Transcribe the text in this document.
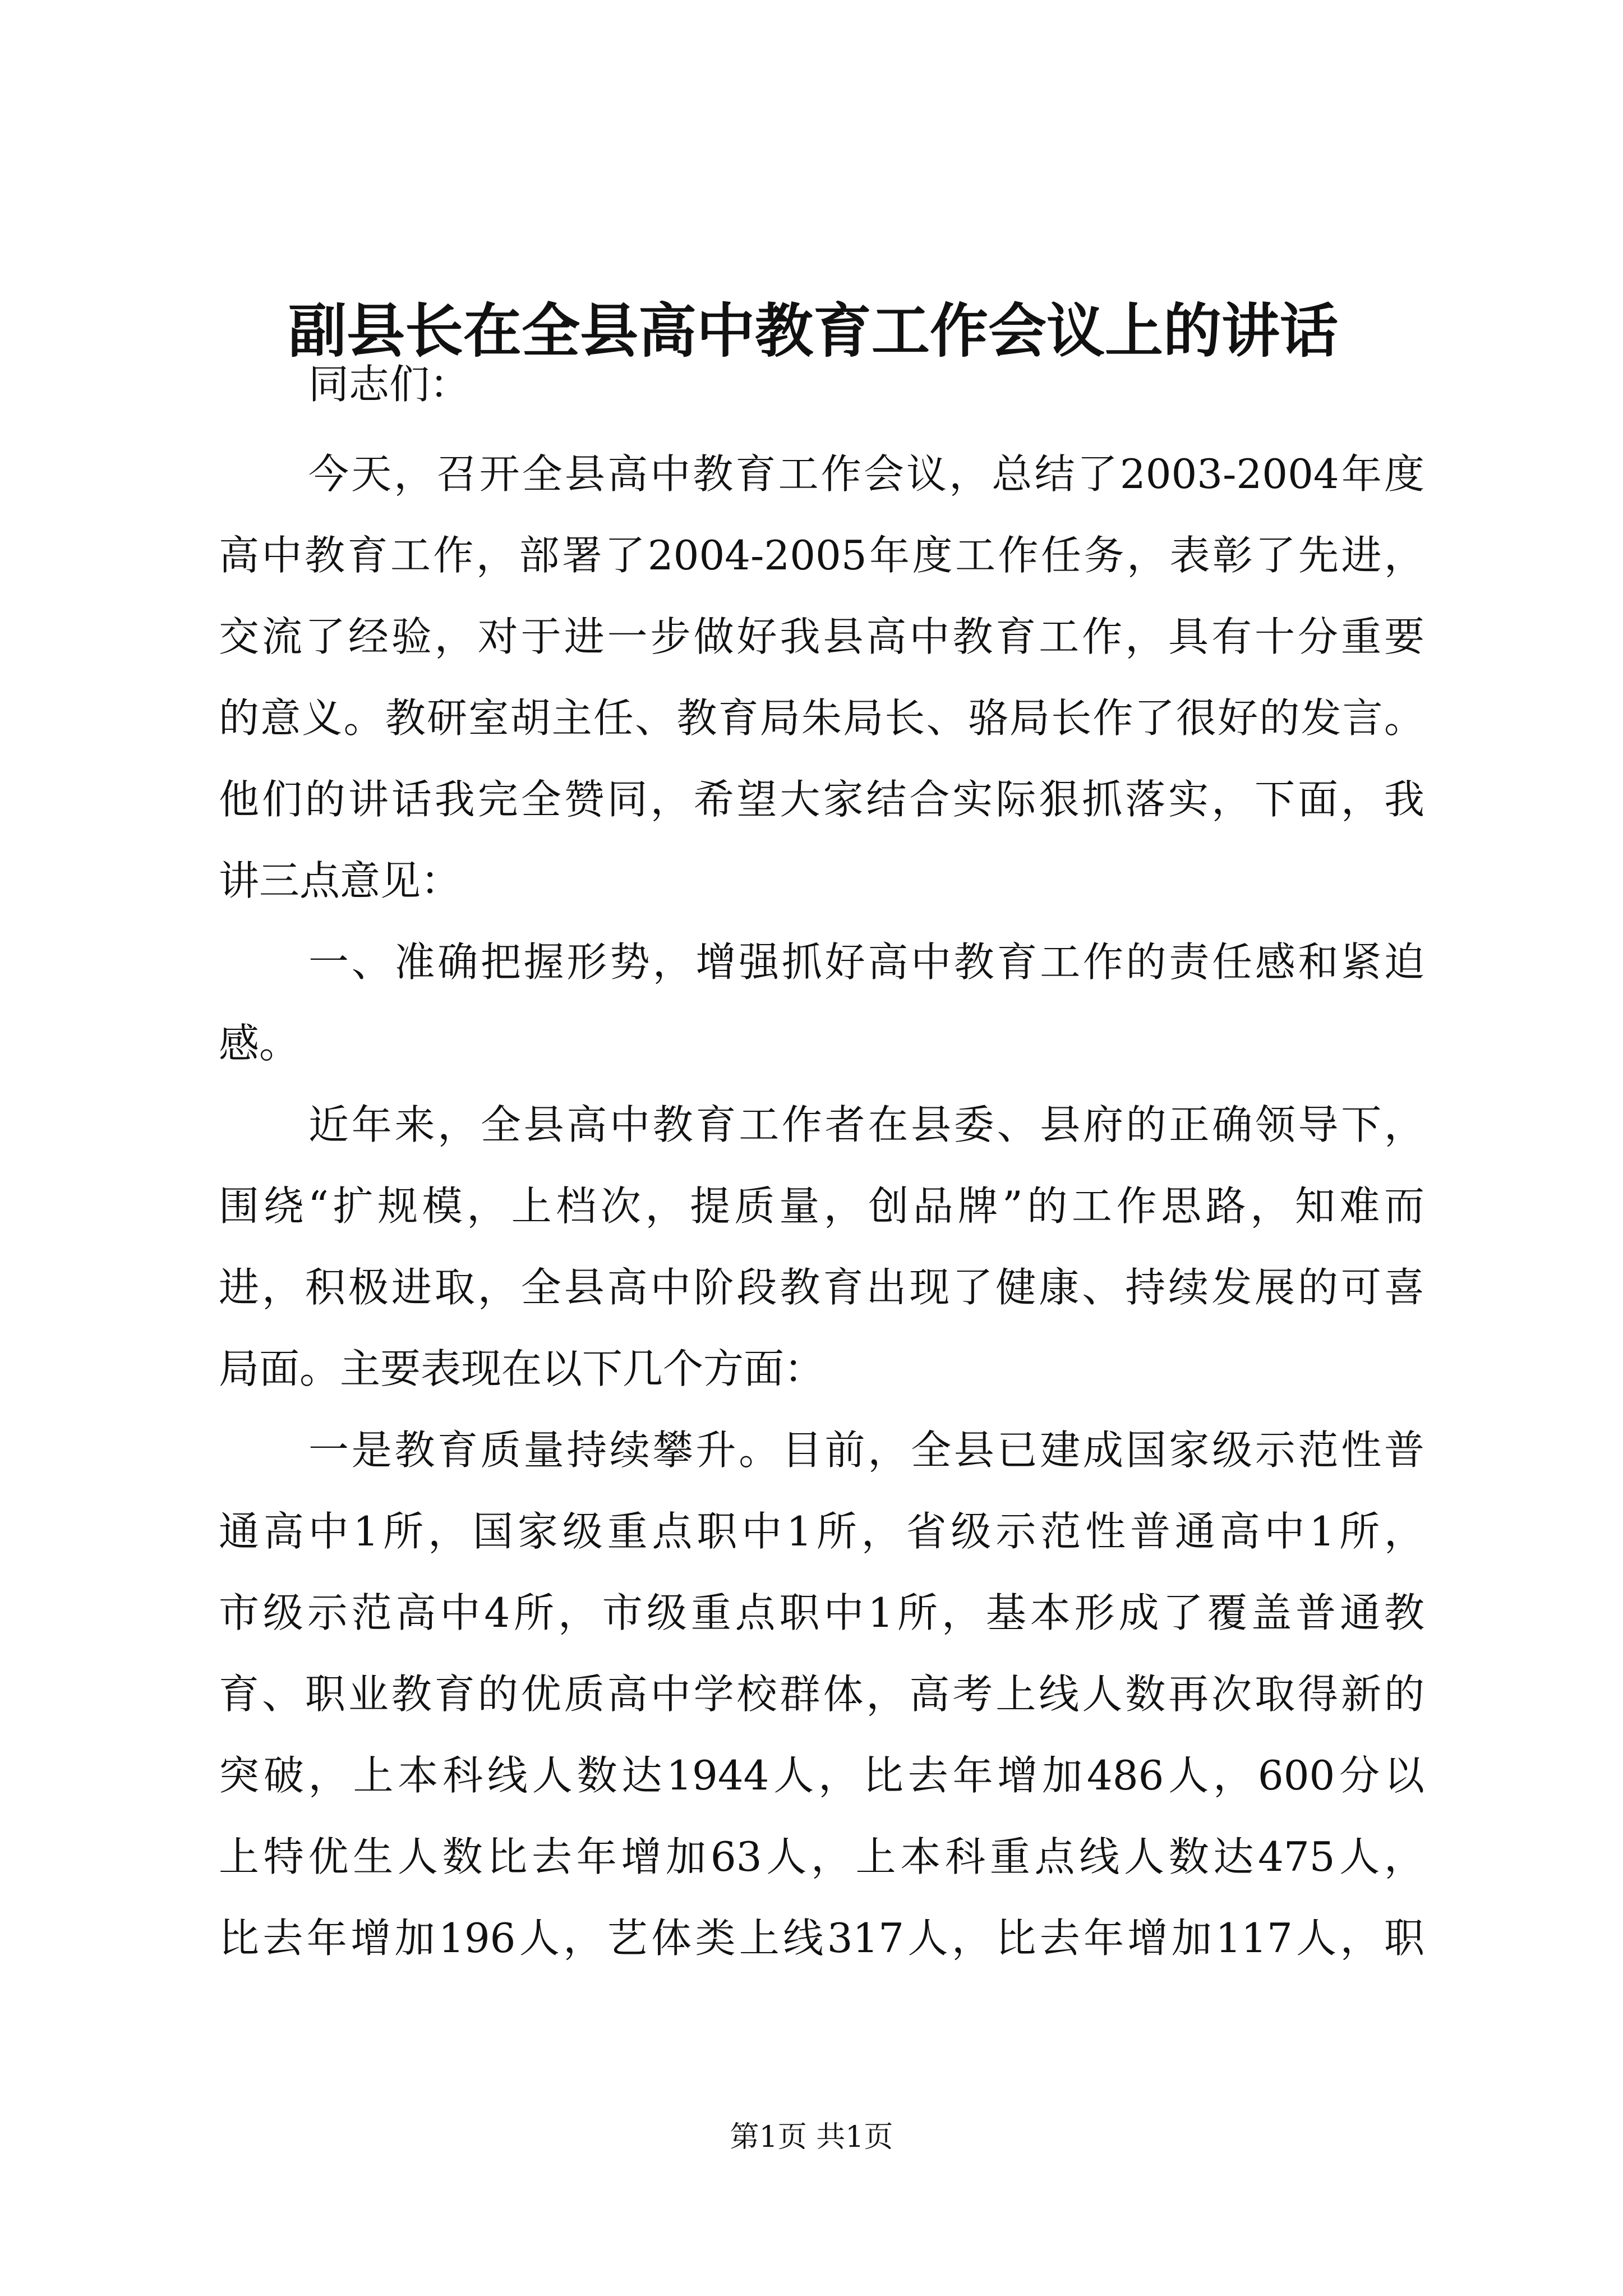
副县长在全县高中教育工作会议上的讲话
同志们：
今天，召开全县高中教育工作会议，总结了2003-2004年度
高中教育工作，部署了2004-2005年度工作任务，表彰了先进，
交流了经验，对于进一步做好我县高中教育工作，具有十分重要
的意义。教研室胡主任、教育局朱局长、骆局长作了很好的发言。
他们的讲话我完全赞同，希望大家结合实际狠抓落实，下面，我
讲三点意见：
一、准确把握形势，增强抓好高中教育工作的责任感和紧迫
感。
近年来，全县高中教育工作者在县委、县府的正确领导下，
围绕“扩规模，上档次，提质量，创品牌”的工作思路，知难而
进，积极进取，全县高中阶段教育出现了健康、持续发展的可喜
局面。主要表现在以下几个方面：
一是教育质量持续攀升。目前，全县已建成国家级示范性普
通高中1所，国家级重点职中1所，省级示范性普通高中1所，
市级示范高中4所，市级重点职中1所，基本形成了覆盖普通教
育、职业教育的优质高中学校群体，高考上线人数再次取得新的
突破，上本科线人数达1944人，比去年增加486人，600分以
上特优生人数比去年增加63人，上本科重点线人数达475人，
比去年增加196人，艺体类上线317人，比去年增加117人，职
第1页 共1页
